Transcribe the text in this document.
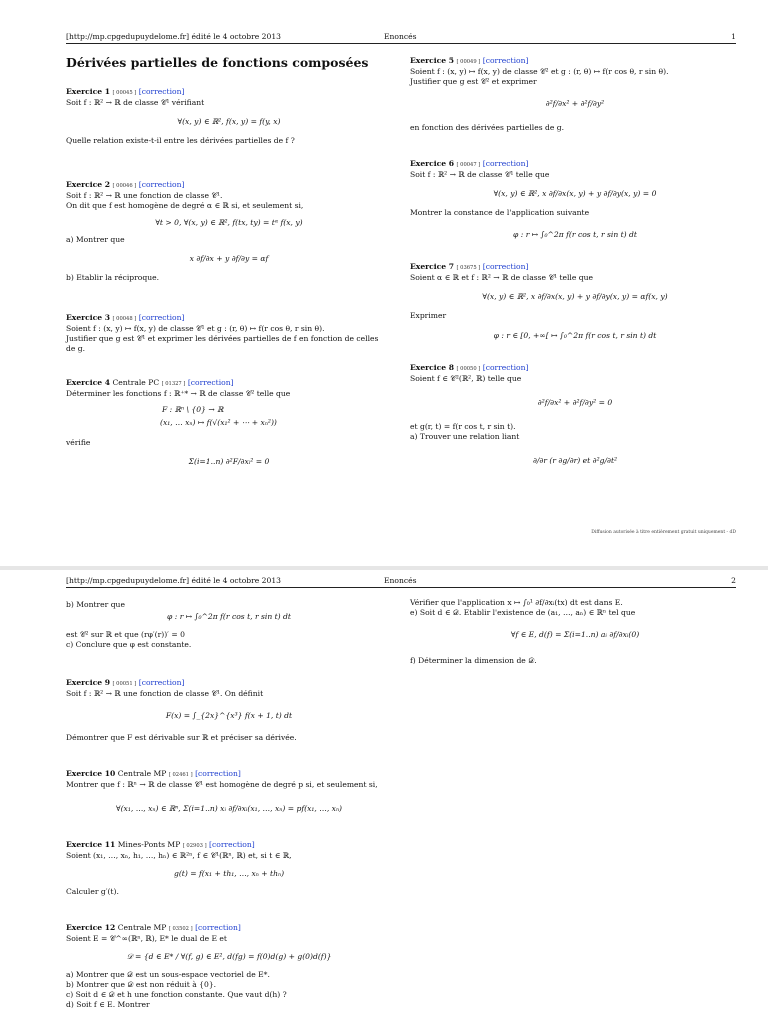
[http://mp.cpgedupuydelome.fr] édité le 4 octobre 2013	Enoncés	1
Dérivées partielles de fonctions composées

Exercice 1 [ 00045 ] [correction]

Soit f : ℝ² → ℝ de classe 𝒞¹ vérifiant

∀(x, y) ∈ ℝ², f(x, y) = f(y, x)

Quelle relation existe-t-il entre les dérivées partielles de f ?

Exercice 2 [ 00046 ] [correction]

Soit f : ℝ² → ℝ une fonction de classe 𝒞¹.

On dit que f est homogène de degré α ∈ ℝ si, et seulement si,

∀t > 0, ∀(x, y) ∈ ℝ², f(tx, ty) = tᵅ f(x, y)

a) Montrer que

x ∂f/∂x + y ∂f/∂y = αf

b) Etablir la réciproque.

Exercice 3 [ 00048 ] [correction]

Soient f : (x, y) ↦ f(x, y) de classe 𝒞¹ et g : (r, θ) ↦ f(r cos θ, r sin θ).

Justifier que g est 𝒞¹ et exprimer les dérivées partielles de f en fonction de celles

de g.

Exercice 4 Centrale PC [ 01327 ] [correction]

Déterminer les fonctions f : ℝ⁺* → ℝ de classe 𝒞² telle que

F : ℝⁿ \ {0} → ℝ

(x₁, … xₙ) ↦ f(√(x₁² + ⋯ + xₙ²))

vérifie

Σ(i=1..n) ∂²F/∂xᵢ² = 0

Exercice 5 [ 00049 ] [correction]

Soient f : (x, y) ↦ f(x, y) de classe 𝒞² et g : (r, θ) ↦ f(r cos θ, r sin θ).

Justifier que g est 𝒞² et exprimer

∂²f/∂x² + ∂²f/∂y²

en fonction des dérivées partielles de g.

Exercice 6 [ 00047 ] [correction]

Soit f : ℝ² → ℝ de classe 𝒞¹ telle que

∀(x, y) ∈ ℝ², x ∂f/∂x(x, y) + y ∂f/∂y(x, y) = 0

Montrer la constance de l'application suivante

φ : r ↦ ∫₀^2π f(r cos t, r sin t) dt

Exercice 7 [ 03675 ] [correction]

Soient α ∈ ℝ et f : ℝ² → ℝ de classe 𝒞¹ telle que

∀(x, y) ∈ ℝ², x ∂f/∂x(x, y) + y ∂f/∂y(x, y) = αf(x, y)

Exprimer

φ : r ∈ [0, +∞[ ↦ ∫₀^2π f(r cos t, r sin t) dt

Exercice 8 [ 00050 ] [correction]

Soient f ∈ 𝒞²(ℝ², ℝ) telle que

∂²f/∂x² + ∂²f/∂y² = 0

et g(r, t) = f(r cos t, r sin t).

a) Trouver une relation liant

∂/∂r (r ∂g/∂r) et ∂²g/∂t²

Diffusion autorisée à titre entièrement gratuit uniquement - dD
[http://mp.cpgedupuydelome.fr] édité le 4 octobre 2013	Enoncés	2

b) Montrer que

φ : r ↦ ∫₀^2π f(r cos t, r sin t) dt

est 𝒞² sur ℝ et que (rφ′(r))′ = 0

c) Conclure que φ est constante.

Exercice 9 [ 00051 ] [correction]

Soit f : ℝ² → ℝ une fonction de classe 𝒞¹. On définit

F(x) = ∫_{2x}^{x³} f(x + 1, t) dt

Démontrer que F est dérivable sur ℝ et préciser sa dérivée.

Exercice 10 Centrale MP [ 02461 ] [correction]

Montrer que f : ℝⁿ → ℝ de classe 𝒞¹ est homogène de degré p si, et seulement si,

∀(x₁, …, xₙ) ∈ ℝⁿ, Σ(i=1..n) xᵢ ∂f/∂xᵢ(x₁, …, xₙ) = pf(x₁, …, xₙ)

Exercice 11 Mines-Ponts MP [ 02903 ] [correction]

Soient (x₁, …, xₙ, h₁, …, hₙ) ∈ ℝ²ⁿ, f ∈ 𝒞¹(ℝⁿ, ℝ) et, si t ∈ ℝ,

g(t) = f(x₁ + th₁, …, xₙ + thₙ)

Calculer g′(t).

Exercice 12 Centrale MP [ 03502 ] [correction]

Soient E = 𝒞^∞(ℝⁿ, ℝ), E* le dual de E et

𝒟 = {d ∈ E* / ∀(f, g) ∈ E², d(fg) = f(0)d(g) + g(0)d(f)}

a) Montrer que 𝒟 est un sous-espace vectoriel de E*.

b) Montrer que 𝒟 est non réduit à {0}.

c) Soit d ∈ 𝒟 et h une fonction constante. Que vaut d(h) ?

d) Soit f ∈ E. Montrer

Vérifier que l'application x ↦ ∫₀¹ ∂f/∂xᵢ(tx) dt est dans E.

e) Soit d ∈ 𝒟. Etablir l'existence de (a₁, …, aₙ) ∈ ℝⁿ tel que

∀f ∈ E, d(f) = Σ(i=1..n) aᵢ ∂f/∂xᵢ(0)

f) Déterminer la dimension de 𝒟.
